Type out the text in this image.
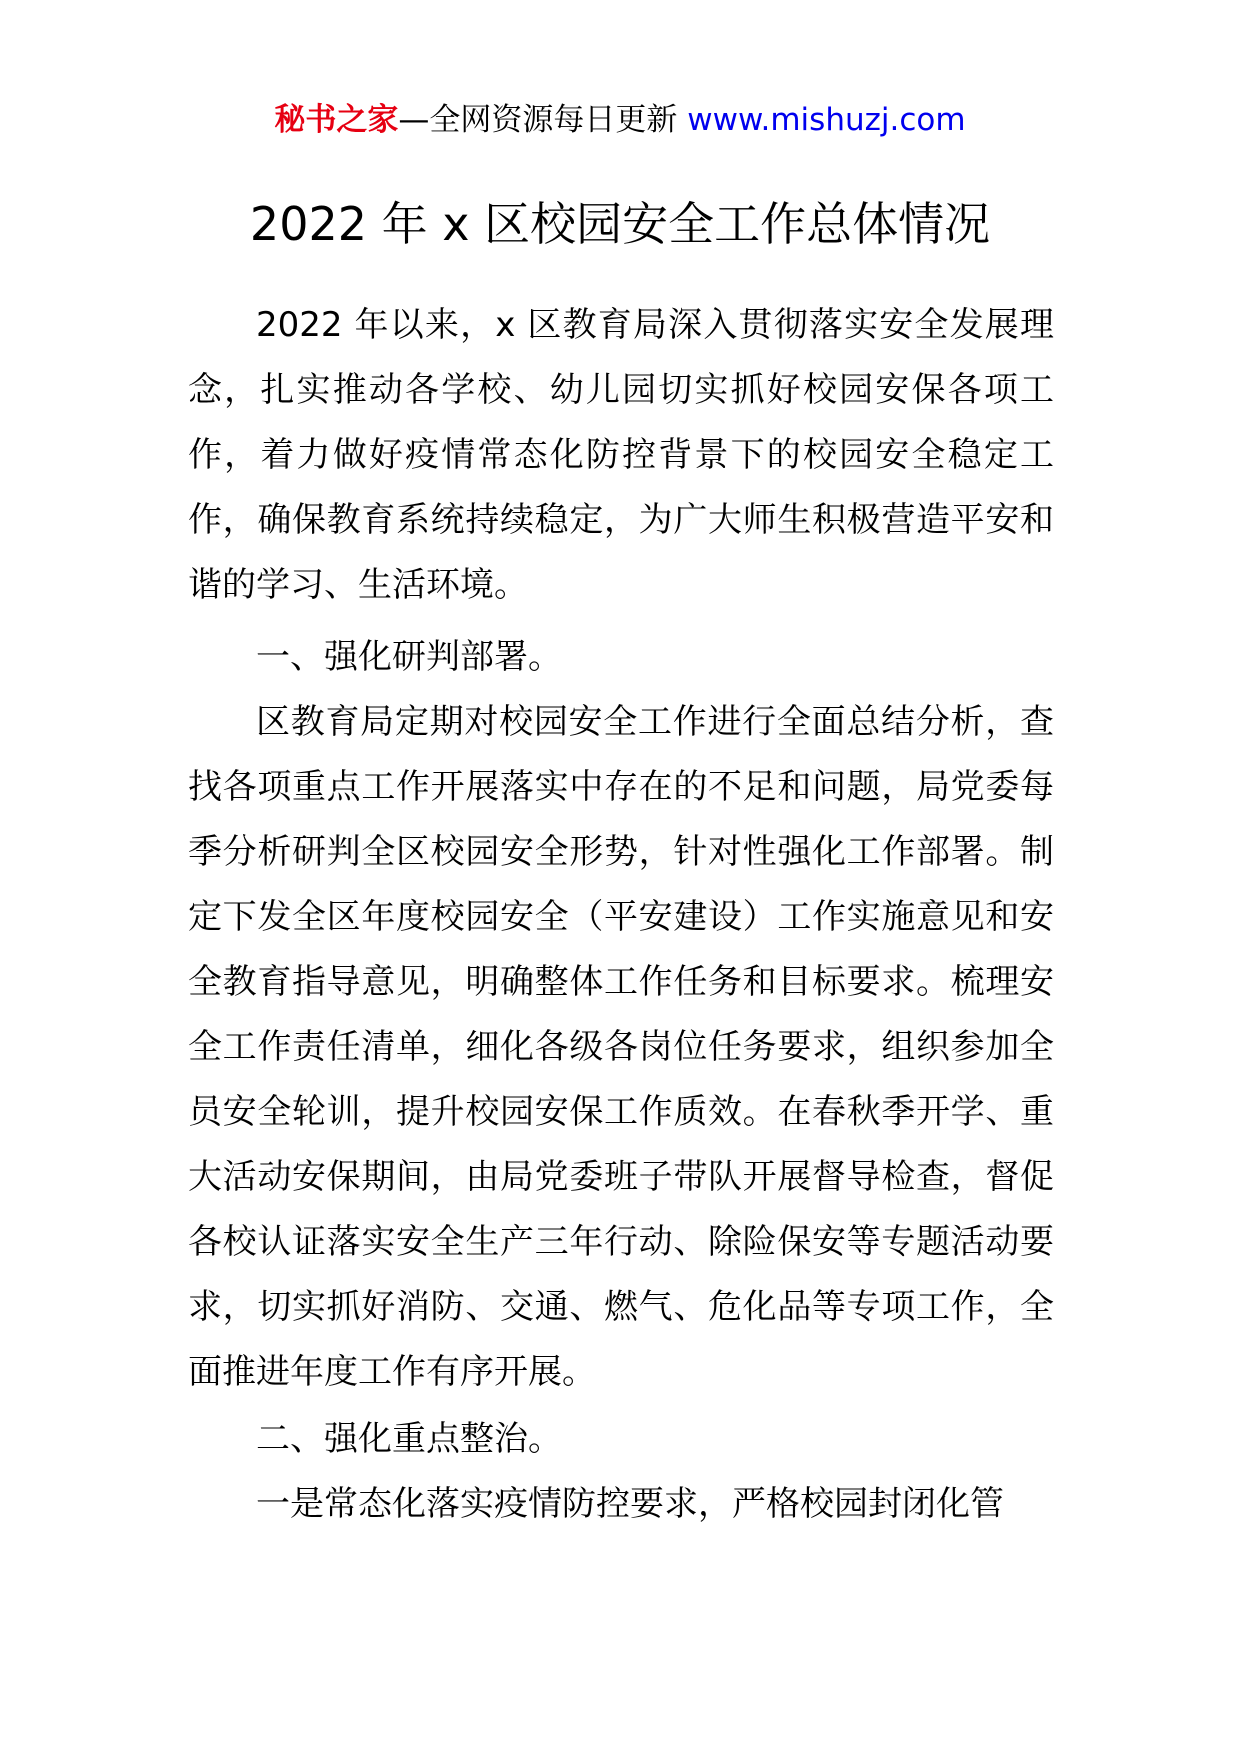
秘书之家—全网资源每日更新 www.mishuzj.com
2022 年 x 区校园安全工作总体情况

2022 年以来，x 区教育局深入贯彻落实安全发展理念，扎实推动各学校、幼儿园切实抓好校园安保各项工作，着力做好疫情常态化防控背景下的校园安全稳定工作，确保教育系统持续稳定，为广大师生积极营造平安和谐的学习、生活环境。

一、强化研判部署。

区教育局定期对校园安全工作进行全面总结分析，查找各项重点工作开展落实中存在的不足和问题，局党委每季分析研判全区校园安全形势，针对性强化工作部署。制定下发全区年度校园安全（平安建设）工作实施意见和安全教育指导意见，明确整体工作任务和目标要求。梳理安全工作责任清单，细化各级各岗位任务要求，组织参加全员安全轮训，提升校园安保工作质效。在春秋季开学、重大活动安保期间，由局党委班子带队开展督导检查，督促各校认证落实安全生产三年行动、除险保安等专题活动要求，切实抓好消防、交通、燃气、危化品等专项工作，全面推进年度工作有序开展。

二、强化重点整治。

一是常态化落实疫情防控要求，严格校园封闭化管
